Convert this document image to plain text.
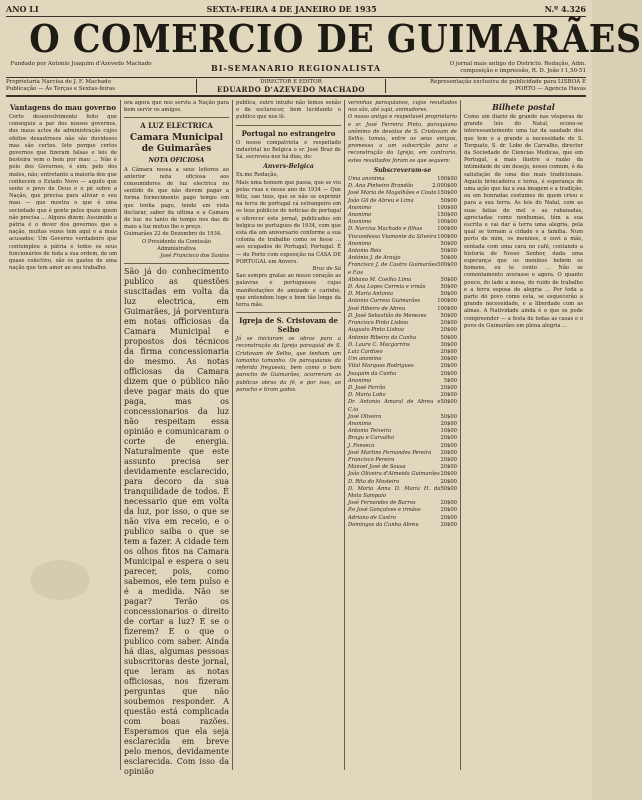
ANO LI	SEXTA-FEIRA 4 DE JANEIRO DE 1935	N.º 4.326
O COMERCIO DE GUIMARÃES
Fundado por Antonio Joaquim d'Azevedo Machado	BI-SEMANARIO REGIONALISTA	O jornal mais antigo do Districto. Redação, Adm. composição e impressão, R. D. João I 1,50-51
Proprietaria Narcisa de J. F. Machado
Publicação — Ás Terças e Sextas-feiras
DIRECTOR E EDITOR
EDUARDO D'AZEVEDO MACHADO
Representação exclusiva de publicidade para LISBOA E PORTO — Agencia Havas
Vantagens do mau governo

Certo desenvolvimento feito que conseguiu a par dos nossos governos, dos maus actos de administração cujos efeitos desastrosos não são duvidosos mas são certos. Isto porque certos governos que fizeram falsas e leis de besteira vem o bem por mau ... Não é pelo dos Governos, é sim; pelo dos males, não; entretanto a maioria dos que conhecem o Estado Novo — aquilo que sente o povo de Deus e o pé sobre a Nação, que precisa para aliviar o seu mau — que mostra o que é uma sociedade que é gente pelos quais quem não precisa ... Alguns dizem: Assumido a pátria é o dever dos governos que a nação, muitas vezes tem aqui e a mais acusados; Um Governo verdadeiro que contemplou a pátria e todos os seus funcionários de toda a sua ordem, de um quase colectivo, são os gastos de uma nação que tem amor ao seu trabalho.

ora agora que nos serviu a Nação para bem servir os amigos.

A LUZ ELECTRICA
Camara Municipal de Guimarães
NOTA OFICIOSA

A Câmara nossa a seus leitores ao anterior nota oficiosa aos consumidores de luz electrica no sentido de que não devem pagar a forma fornecimento pago tempo em que tenha pago, tendo em vista declarar, saber da ultima e a Camara de luz: no tanto de tempo nos das de maio a luz mutuo lhe o preço.

Guimarães 22 de Dezembro de 1934.

O Presidente da Comissão Administrativa

José Francisco dos Santos

São já do conhecimento publico as questões suscitadas em volta da luz electrica, em Guimarães, já porventura em notas officiosas da Camara Municipal e propostos dos técnicos da firma concessionaria do mesmo. As notas officiosas da Camara dizem que o público não deve pagar mais do que paga, mas os concessionarios da luz não respeitam essa opinião e comunicaram o corte de energia. Naturalmente que este assunto precisa ser devidamente esclarecido, para decoro da sua tranquilidade de todos. É necessario que em volta da luz, por isso, o que se não viva em receio, e o publico saiba o que se tem a fazer. A cidade tem os olhos fitos na Camara Municipal e espera o seu parecer, pois, como sabemos, ele tem pulso e é a medida. Não se pagar? Terão os concessionarios o direito de cortar a luz? E se o fizerem? E o que o publico com saber. Ainda há dias, algumas pessoas subscritoras deste jornal, que leram as notas officiosas, nos fizeram perguntas que não soubemos responder. A questão está complicada com boas razões. Esperamos que ela seja esclarecida em breve pelo menos, devidamente esclarecida. Com isso da opinião

publica, outro intuito não temos senão o de esclarecer, bem lucidando o publico que nos lê.

Portugal no estrangeiro

O nosso compatriota e respeitado industrial no Belgica o sr. José Braz de Sá, escreveu-nos há dias, do:

Anvers-Belgica

Ex.mo Redação,

Mais uma homem que passa, que se viu pelas ruas e nesse ano de 1934 — Que feliz, sao teus, que se não se exprimir na terra de portugal cá estrangeiro em os teus publicos de noticias de portugal a oferecer este jornal, publicados em belgica no portugues de 1934, com que esta dia um aniversario conforme a sua colonia de trabalho como se fosse ... aos ocupados de Portugal; Portugal. É — do Porto com exposição na CASA DE PORTUGAL em Anvers.

Braz de Sá

Sao sempre gratas ao nosso coração as palavras e portugueses cujas manifestações de amizade e carinho, que entendem logo e bem tão longe da terra mãe.

Igreja de S. Cristovam de Selho

Já se iniciaram os obras para a reconstrução da Igreja paroquial de S. Cristovam de Selho, que tenham um tamanho tamanho. Os paroquianos da referida freguesia, bem como o bom parocho de Guimarães, acorreram as publicas obras da fé, e por isso, ao parocho e tiram gados.

veronhas paroquianos, cujos resultados nos são, até aqui, animadores.

O nosso antigo e respeitavel proprietario e sr. José Ferreira Pinto, paroquiano anônimo de devotos de S. Cristovam de Selho, tomou, entre os seus amigos, promessa a um subscrição para a reconstrução da Igreja, em contrario, estes resultados foram os que seguem:

Subscreveram-se
Uma anonima	100$00
D. Ana Pinheiro Brandão	2.000$00
José Maria de Magalhães e Couto 150$00
João Gil de Abreu e Lima	50$00
Anonimo	100$00
Anonimo	150$00
Anonimo	100$00
D. Narcisa Machado e filhas	100$00
Viscondessa Viamonte da Silveira 100$00
Anonimo	50$00
Antonio Reis	50$00
António J. de Araujo	50$00
Francisco J. de Castro Guimarães e F.os
500$00
Abbano M. Coelho Lima	50$00
D. Ana Lopes Correia e irmãs	50$00
D. Maria Antonia	50$00
Antonio Correia Guimarães	100$00
José Ribeiro de Abreu	100$00
D. José Sebastião de Menezes	50$00
Francisco Pinto Lisboa	20$00
Augusto Pinto Lisboa	20$00
Antonio Ribeiro da Cunha	50$00
D. Laura C. Macgarrins	30$00
Luiz Cardoso	20$00
Um anonimo	30$00
Vital Marques Rodrigues	20$00
Joaquim da Cunha	20$00
Anonimo	5$00
D. José Ferrão	20$00
D. Maria Lobo	20$00
Dr. Antonio Amaral de Abreu e C.ia
50$00
José Oliveira	50$00
Anonimo	20$00
Antonio Teixeira	10$00
Bragu e Carvalho	20$00
J. Fonseca	20$00
José Martins Fernandes Pereira 20$00
Francisco Pereira	20$00
Manoel José de Sousa	20$00
João Oliveira d'Almeida Guimarães 20$00
D. Rita do Mosteiro	20$00
D. Maria Anna D. Maria H. da Mota Sampaio
50$00
José Fernandes de Barros	20$00
P.e José Gonçalves e irmãos	20$00
Adriano de Castro	20$00
Domingos da Cunha Abreu	20$00
Bilhete postal

Como um diario de grande nas vésperas de grande leis do Natal, ecoou-se interessantemente uma luz da saudade dos que tem e a grande a necessidade de S. Torquato, S. dr. Lobo de Carvalho, director da Sociedade de Ciencias Medicas, que em Portugal, a mais ilustre a razão da intimidade de um desejo, nosso comum, é da satisfação de uma dos mais tradicionais. Aquela brincadeira e terna, é esperança de uma ação que faz a sua imagem e a tradição, ou em honradas costumes de quem criou e para a sua terra. As leis do Natal, com as suas fatias de mel e as rabanadas, apreciadas como nenhumas, têm a sua escrita e vai dar à terra uma alegria, pela qual se tornam a cidade e a familia. Num perto de mim, os meninos, e ouvi a mãe, sentada com uma cara no café, contando a historia de Nosso Senhor, dada uma esperança que os meninos bebem os homens, eu te conto ... Não se comentamento averasse e agora. O quanto pouco, do lado a mesa, do ruido de trabalho e a terra esposa de alegria ... Por toda a parte do povo como esta, se esquecerão a grande necessidade, e a liberdade com as almas. A Natividade ainda é o que se pode compreender — a festa de todas as casas e o povo de Guimarães em plena alegria ...
